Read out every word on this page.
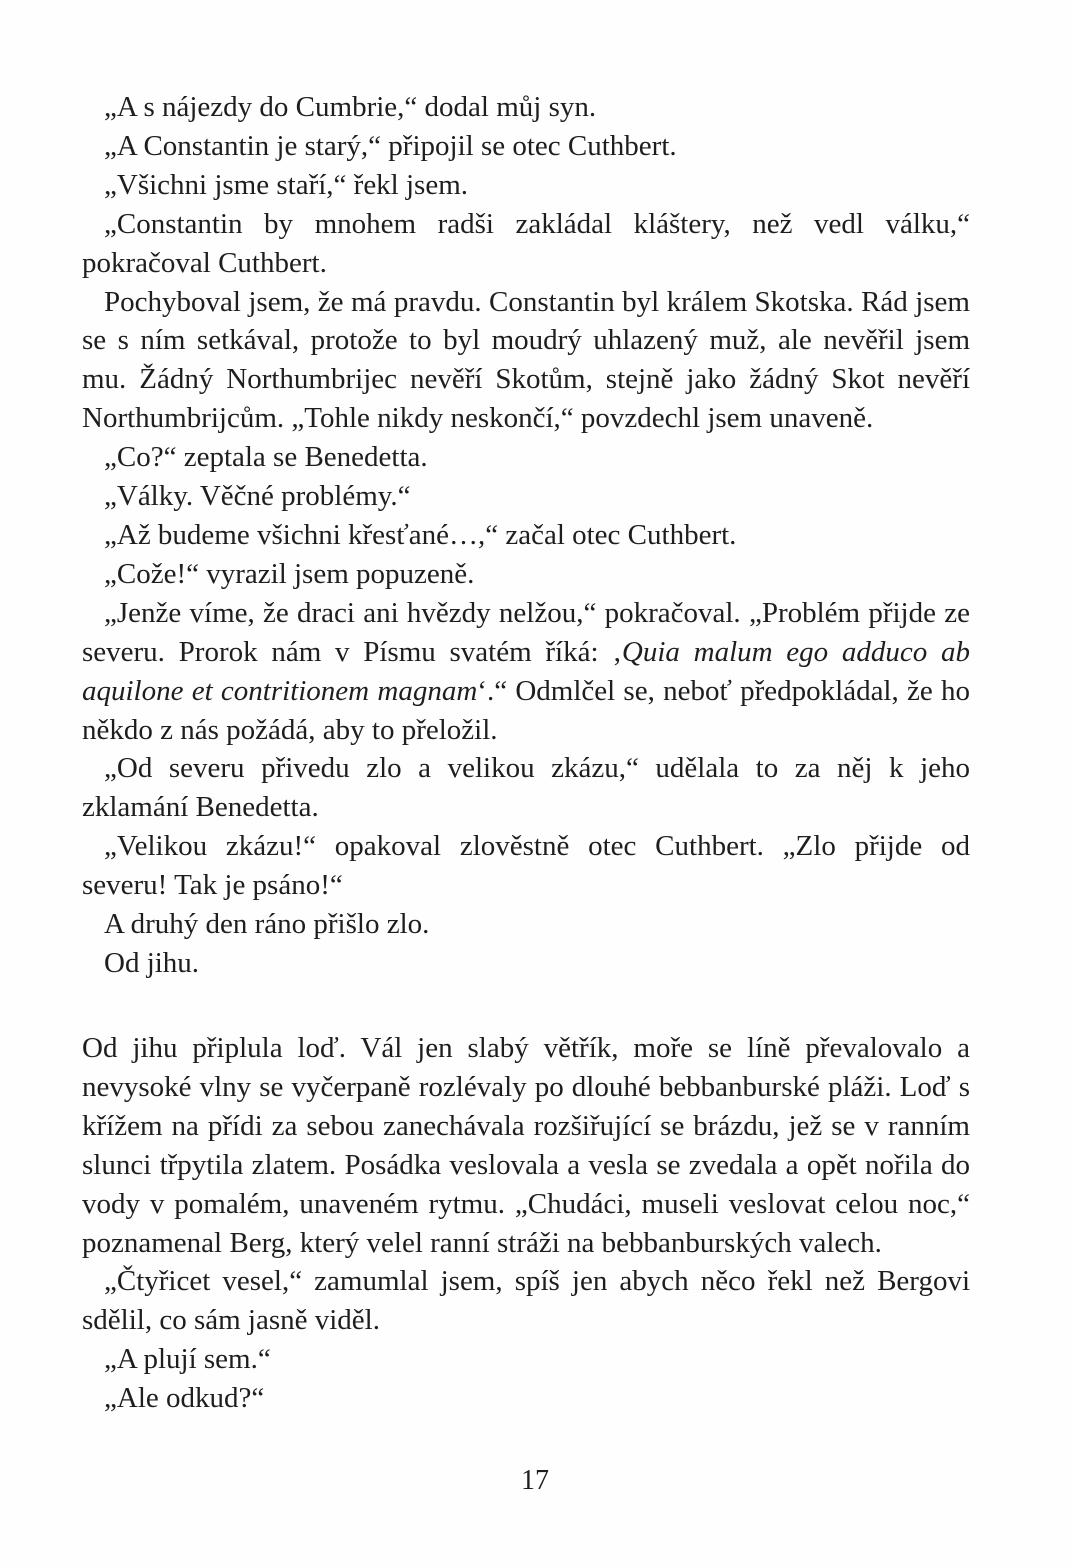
„A s nájezdy do Cumbrie,“ dodal můj syn.

„A Constantin je starý,“ připojil se otec Cuthbert.

„Všichni jsme staří,“ řekl jsem.

„Constantin by mnohem radši zakládal kláštery, než vedl válku,“ pokračoval Cuthbert.

Pochyboval jsem, že má pravdu. Constantin byl králem Skotska. Rád jsem se s ním setkával, protože to byl moudrý uhlazený muž, ale nevěřil jsem mu. Žádný Northumbrijec nevěří Skotům, stejně jako žádný Skot nevěří Northumbrijcům. „Tohle nikdy neskončí,“ povzdechl jsem unaveně.

„Co?“ zeptala se Benedetta.

„Války. Věčné problémy.“

„Až budeme všichni křesťané…,“ začal otec Cuthbert.

„Cože!“ vyrazil jsem popuzeně.

„Jenže víme, že draci ani hvězdy nelžou,“ pokračoval. „Problém přijde ze severu. Prorok nám v Písmu svatém říká: ‚Quia malum ego adduco ab aquilone et contritionem magnam‘.“ Odmlčel se, neboť předpokládal, že ho někdo z nás požádá, aby to přeložil.

„Od severu přivedu zlo a velikou zkázu,“ udělala to za něj k jeho zklamání Benedetta.

„Velikou zkázu!“ opakoval zlověstně otec Cuthbert. „Zlo přijde od severu! Tak je psáno!“

A druhý den ráno přišlo zlo.

Od jihu.

Od jihu připlula loď. Vál jen slabý větřík, moře se líně převalovalo a nevysoké vlny se vyčerpaně rozlévaly po dlouhé bebbanburské pláži. Loď s křížem na přídi za sebou zanechávala rozšiřující se brázdu, jež se v ranním slunci třpytila zlatem. Posádka veslovala a vesla se zvedala a opět nořila do vody v pomalém, unaveném rytmu. „Chudáci, museli veslovat celou noc,“ poznamenal Berg, který velel ranní stráži na bebbanburských valech.

„Čtyřicet vesel,“ zamumlal jsem, spíš jen abych něco řekl než Bergovi sdělil, co sám jasně viděl.

„A plují sem.“

„Ale odkud?“

17
